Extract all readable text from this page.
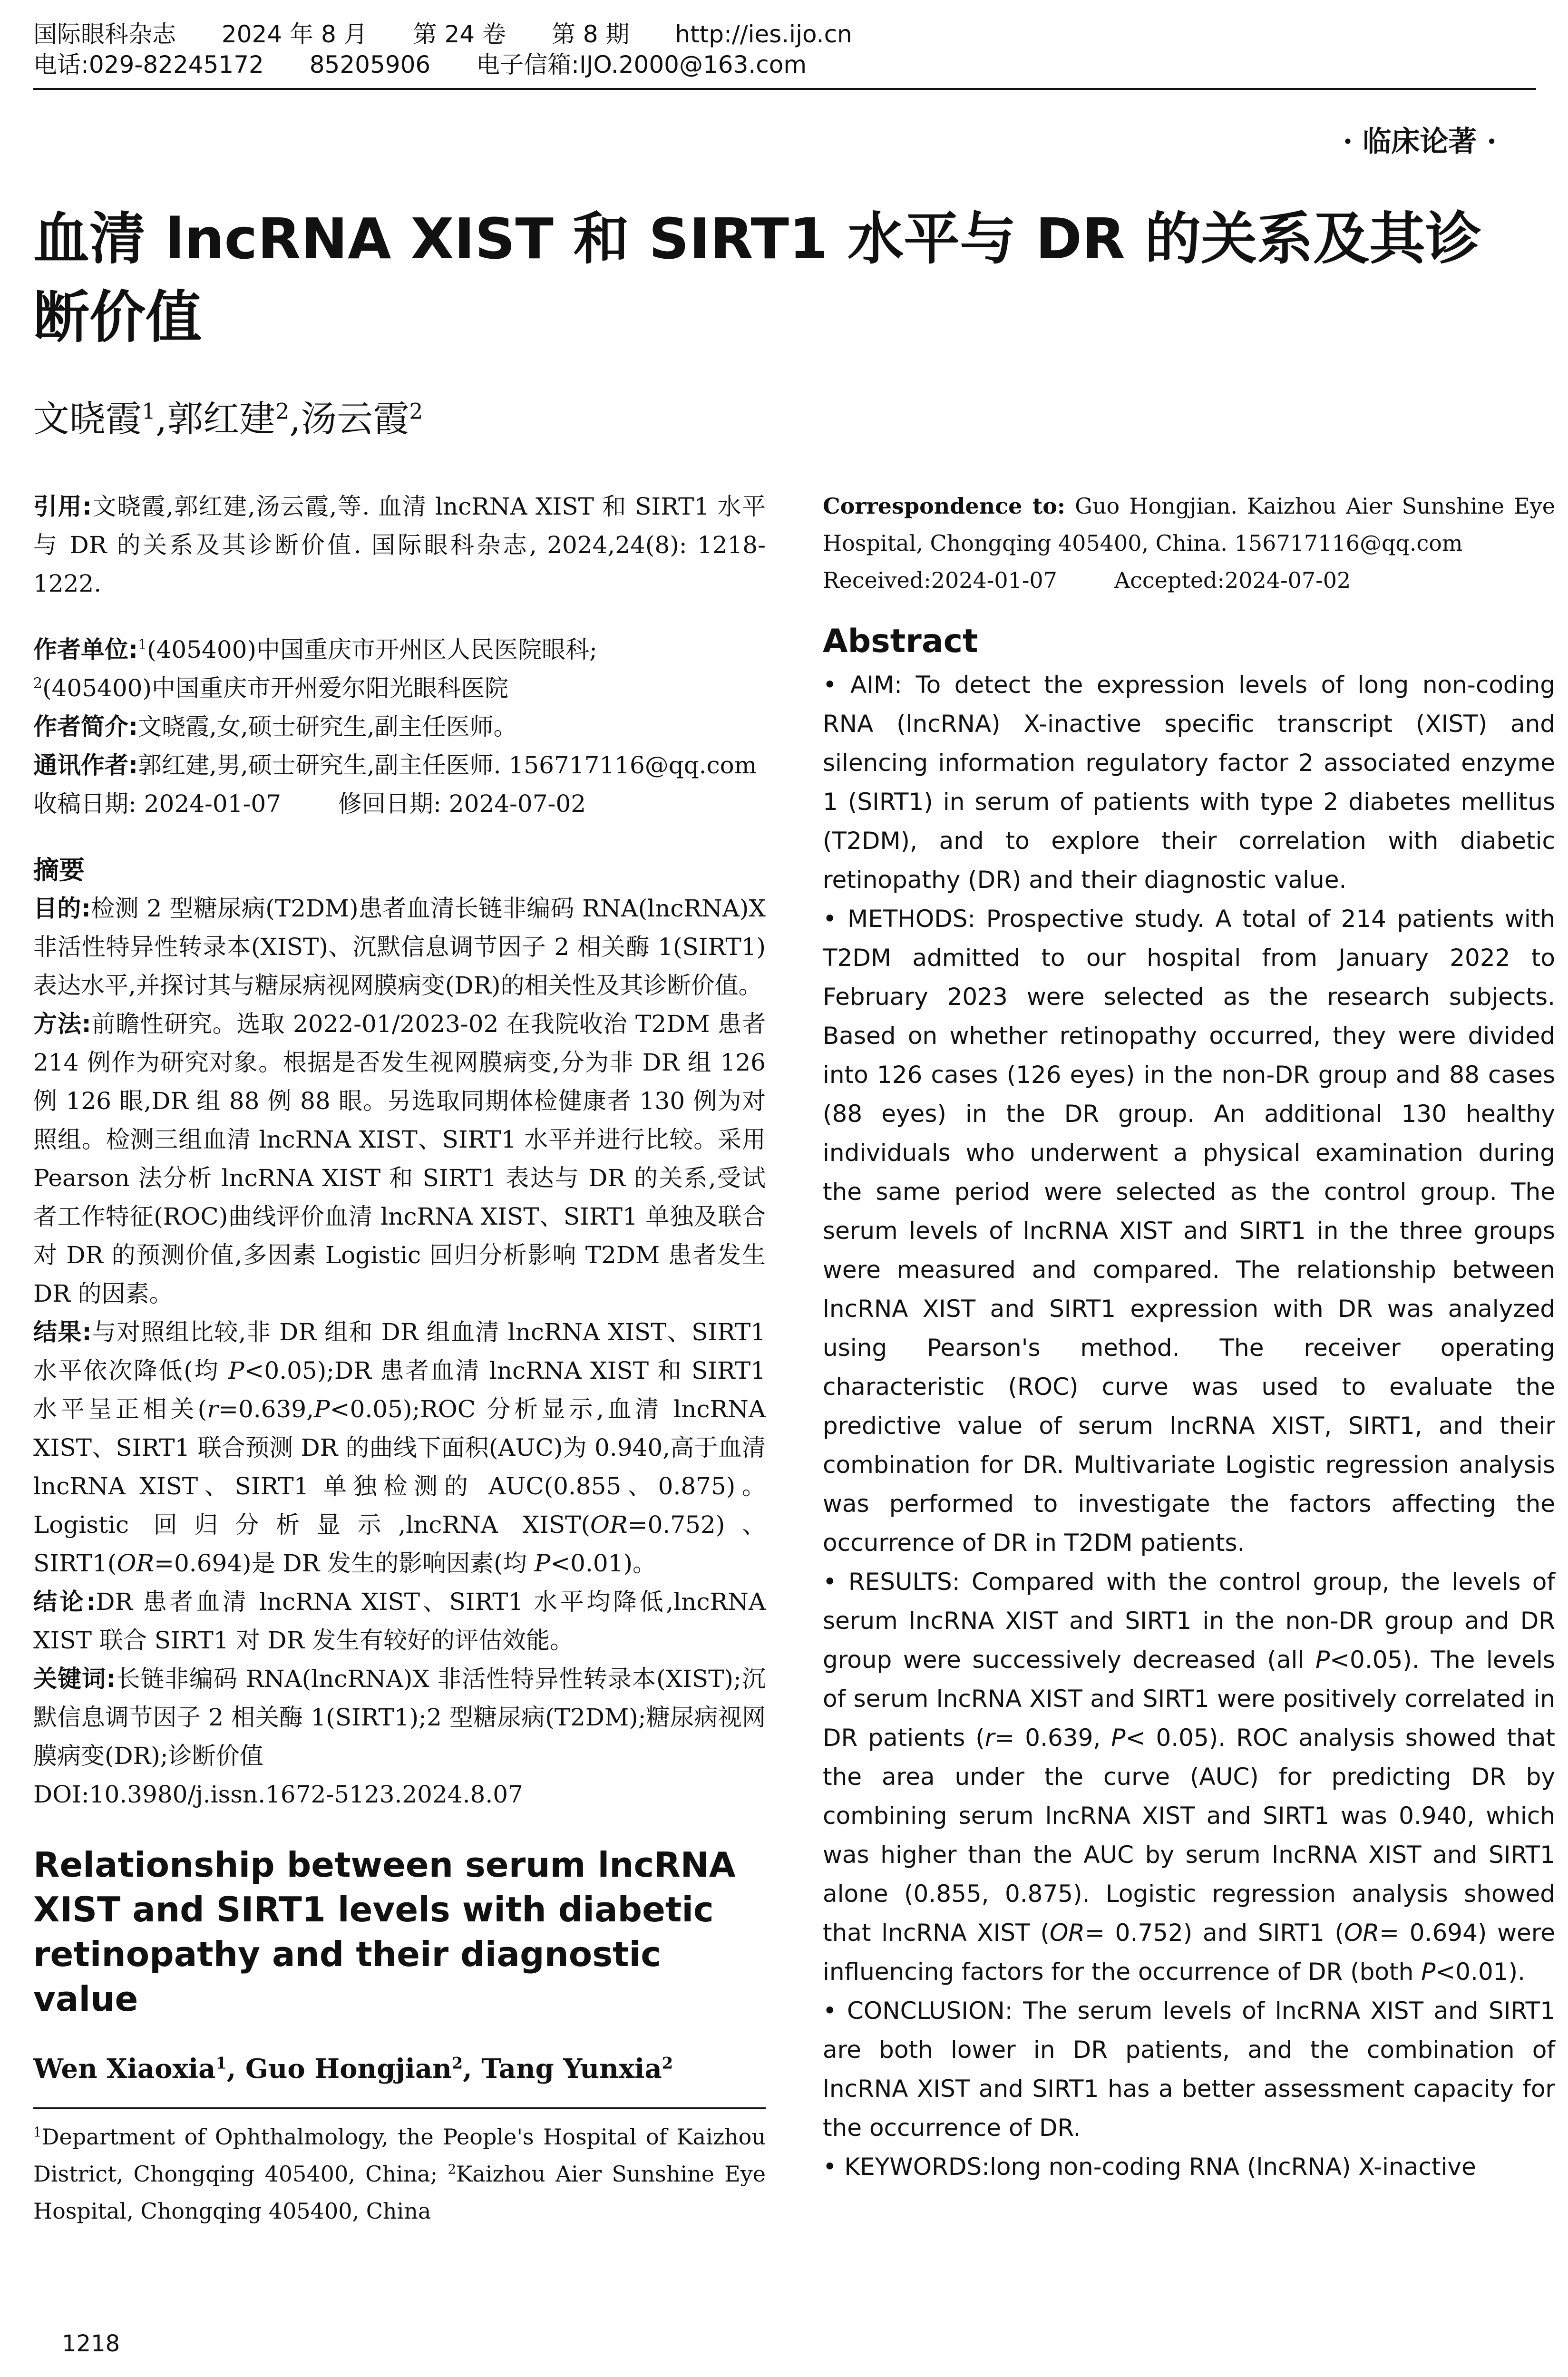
国际眼科杂志 2024 年 8 月 第 24 卷 第 8 期 http://ies.ijo.cn
电话:029-82245172 85205906 电子信箱:IJO.2000@163.com
· 临床论著 ·
血清 lncRNA XIST 和 SIRT1 水平与 DR 的关系及其诊断价值
文晓霞$^1$,郭红建$^2$,汤云霞$^2$

引用:文晓霞,郭红建,汤云霞,等. 血清 lncRNA XIST 和 SIRT1 水平与 DR 的关系及其诊断价值. 国际眼科杂志, 2024,24(8): 1218-1222.

作者单位:$^1$(405400)中国重庆市开州区人民医院眼科;
$^2$(405400)中国重庆市开州爱尔阳光眼科医院

作者简介:文晓霞,女,硕士研究生,副主任医师。

通讯作者:郭红建,男,硕士研究生,副主任医师. 156717116@qq.com

收稿日期: 2024-01-07 修回日期: 2024-07-02

摘要

目的:检测 2 型糖尿病(T2DM)患者血清长链非编码 RNA(lncRNA)X 非活性特异性转录本(XIST)、沉默信息调节因子 2 相关酶 1(SIRT1)表达水平,并探讨其与糖尿病视网膜病变(DR)的相关性及其诊断价值。

方法:前瞻性研究。选取 2022-01/2023-02 在我院收治 T2DM 患者 214 例作为研究对象。根据是否发生视网膜病变,分为非 DR 组 126 例 126 眼,DR 组 88 例 88 眼。另选取同期体检健康者 130 例为对照组。检测三组血清 lncRNA XIST、SIRT1 水平并进行比较。采用 Pearson 法分析 lncRNA XIST 和 SIRT1 表达与 DR 的关系,受试者工作特征(ROC)曲线评价血清 lncRNA XIST、SIRT1 单独及联合对 DR 的预测价值,多因素 Logistic 回归分析影响 T2DM 患者发生 DR 的因素。

结果:与对照组比较,非 DR 组和 DR 组血清 lncRNA XIST、SIRT1 水平依次降低(均 P<0.05);DR 患者血清 lncRNA XIST 和 SIRT1 水平呈正相关(r=0.639,P<0.05);ROC 分析显示,血清 lncRNA XIST、SIRT1 联合预测 DR 的曲线下面积(AUC)为 0.940,高于血清 lncRNA XIST、SIRT1 单独检测的 AUC(0.855、0.875)。Logistic 回归分析显示,lncRNA XIST(OR=0.752)、SIRT1(OR=0.694)是 DR 发生的影响因素(均 P<0.01)。

结论:DR 患者血清 lncRNA XIST、SIRT1 水平均降低,lncRNA XIST 联合 SIRT1 对 DR 发生有较好的评估效能。

关键词:长链非编码 RNA(lncRNA)X 非活性特异性转录本(XIST);沉默信息调节因子 2 相关酶 1(SIRT1);2 型糖尿病(T2DM);糖尿病视网膜病变(DR);诊断价值

DOI:10.3980/j.issn.1672-5123.2024.8.07

Relationship between serum lncRNA XIST and SIRT1 levels with diabetic retinopathy and their diagnostic value
Wen Xiaoxia$^1$, Guo Hongjian$^2$, Tang Yunxia$^2$

$^1$Department of Ophthalmology, the People's Hospital of Kaizhou District, Chongqing 405400, China; $^2$Kaizhou Aier Sunshine Eye Hospital, Chongqing 405400, China

Correspondence to: Guo Hongjian. Kaizhou Aier Sunshine Eye Hospital, Chongqing 405400, China. 156717116@qq.com

Received:2024-01-07	Accepted:2024-07-02

Abstract

• AIM: To detect the expression levels of long non-coding RNA (lncRNA) X-inactive specific transcript (XIST) and silencing information regulatory factor 2 associated enzyme 1 (SIRT1) in serum of patients with type 2 diabetes mellitus (T2DM), and to explore their correlation with diabetic retinopathy (DR) and their diagnostic value.

• METHODS: Prospective study. A total of 214 patients with T2DM admitted to our hospital from January 2022 to February 2023 were selected as the research subjects. Based on whether retinopathy occurred, they were divided into 126 cases (126 eyes) in the non-DR group and 88 cases (88 eyes) in the DR group. An additional 130 healthy individuals who underwent a physical examination during the same period were selected as the control group. The serum levels of lncRNA XIST and SIRT1 in the three groups were measured and compared. The relationship between lncRNA XIST and SIRT1 expression with DR was analyzed using Pearson's method. The receiver operating characteristic (ROC) curve was used to evaluate the predictive value of serum lncRNA XIST, SIRT1, and their combination for DR. Multivariate Logistic regression analysis was performed to investigate the factors affecting the occurrence of DR in T2DM patients.

• RESULTS: Compared with the control group, the levels of serum lncRNA XIST and SIRT1 in the non-DR group and DR group were successively decreased (all P<0.05). The levels of serum lncRNA XIST and SIRT1 were positively correlated in DR patients (r= 0.639, P< 0.05). ROC analysis showed that the area under the curve (AUC) for predicting DR by combining serum lncRNA XIST and SIRT1 was 0.940, which was higher than the AUC by serum lncRNA XIST and SIRT1 alone (0.855, 0.875). Logistic regression analysis showed that lncRNA XIST (OR= 0.752) and SIRT1 (OR= 0.694) were influencing factors for the occurrence of DR (both P<0.01).

• CONCLUSION: The serum levels of lncRNA XIST and SIRT1 are both lower in DR patients, and the combination of lncRNA XIST and SIRT1 has a better assessment capacity for the occurrence of DR.

• KEYWORDS:long non-coding RNA (lncRNA) X-inactive

1218
